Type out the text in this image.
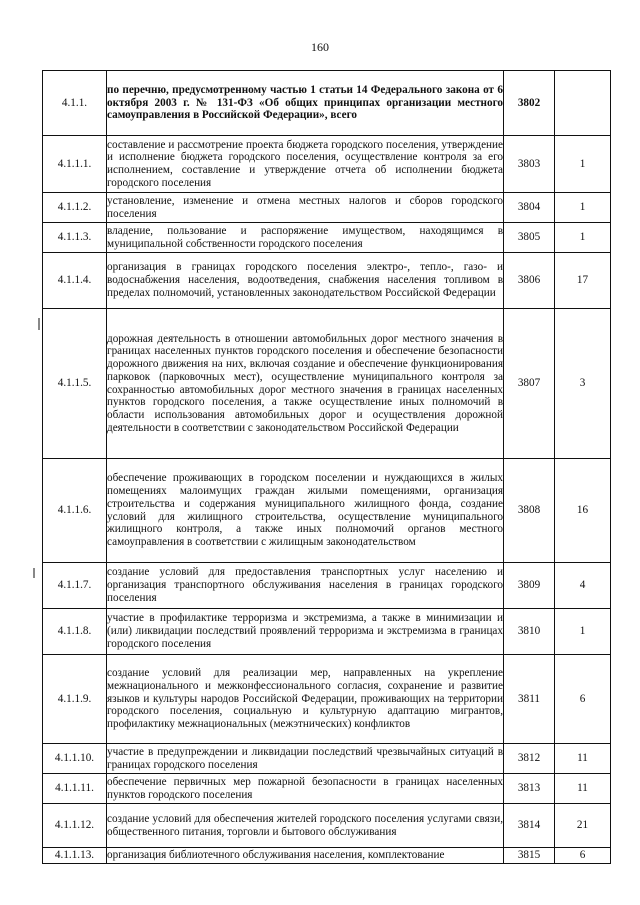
160
4.1.1.	по перечню, предусмотренному частью 1 статьи 14 Федерального закона от 6 октября 2003 г. № 131-ФЗ «Об общих принципах организации местного самоуправления в Российской Федерации», всего	3802	
4.1.1.1.	составление и рассмотрение проекта бюджета городского поселения, утверждение и исполнение бюджета городского поселения, осуществление контроля за его исполнением, составление и утверждение отчета об исполнении бюджета городского поселения	3803	1
4.1.1.2.	установление, изменение и отмена местных налогов и сборов городского поселения	3804	1
4.1.1.3.	владение, пользование и распоряжение имуществом, находящимся в муниципальной собственности городского поселения	3805	1
4.1.1.4.	организация в границах городского поселения электро-, тепло-, газо- и водоснабжения населения, водоотведения, снабжения населения топливом в пределах полномочий, установленных законодательством Российской Федерации	3806	17
4.1.1.5.	дорожная деятельность в отношении автомобильных дорог местного значения в границах населенных пунктов городского поселения и обеспечение безопасности дорожного движения на них, включая создание и обеспечение функционирования парковок (парковочных мест), осуществление муниципального контроля за сохранностью автомобильных дорог местного значения в границах населенных пунктов городского поселения, а также осуществление иных полномочий в области использования автомобильных дорог и осуществления дорожной деятельности в соответствии с законодательством Российской Федерации	3807	3
4.1.1.6.	обеспечение проживающих в городском поселении и нуждающихся в жилых помещениях малоимущих граждан жилыми помещениями, организация строительства и содержания муниципального жилищного фонда, создание условий для жилищного строительства, осуществление муниципального жилищного контроля, а также иных полномочий органов местного самоуправления в соответствии с жилищным законодательством	3808	16
4.1.1.7.	создание условий для предоставления транспортных услуг населению и организация транспортного обслуживания населения в границах городского поселения	3809	4
4.1.1.8.	участие в профилактике терроризма и экстремизма, а также в минимизации и (или) ликвидации последствий проявлений терроризма и экстремизма в границах городского поселения	3810	1
4.1.1.9.	создание условий для реализации мер, направленных на укрепление межнационального и межконфессионального согласия, сохранение и развитие языков и культуры народов Российской Федерации, проживающих на территории городского поселения, социальную и культурную адаптацию мигрантов, профилактику межнациональных (межэтнических) конфликтов	3811	6
4.1.1.10.	участие в предупреждении и ликвидации последствий чрезвычайных ситуаций в границах городского поселения	3812	11
4.1.1.11.	обеспечение первичных мер пожарной безопасности в границах населенных пунктов городского поселения	3813	11
4.1.1.12.	создание условий для обеспечения жителей городского поселения услугами связи, общественного питания, торговли и бытового обслуживания	3814	21
4.1.1.13.	организация библиотечного обслуживания населения, комплектование	3815	6
